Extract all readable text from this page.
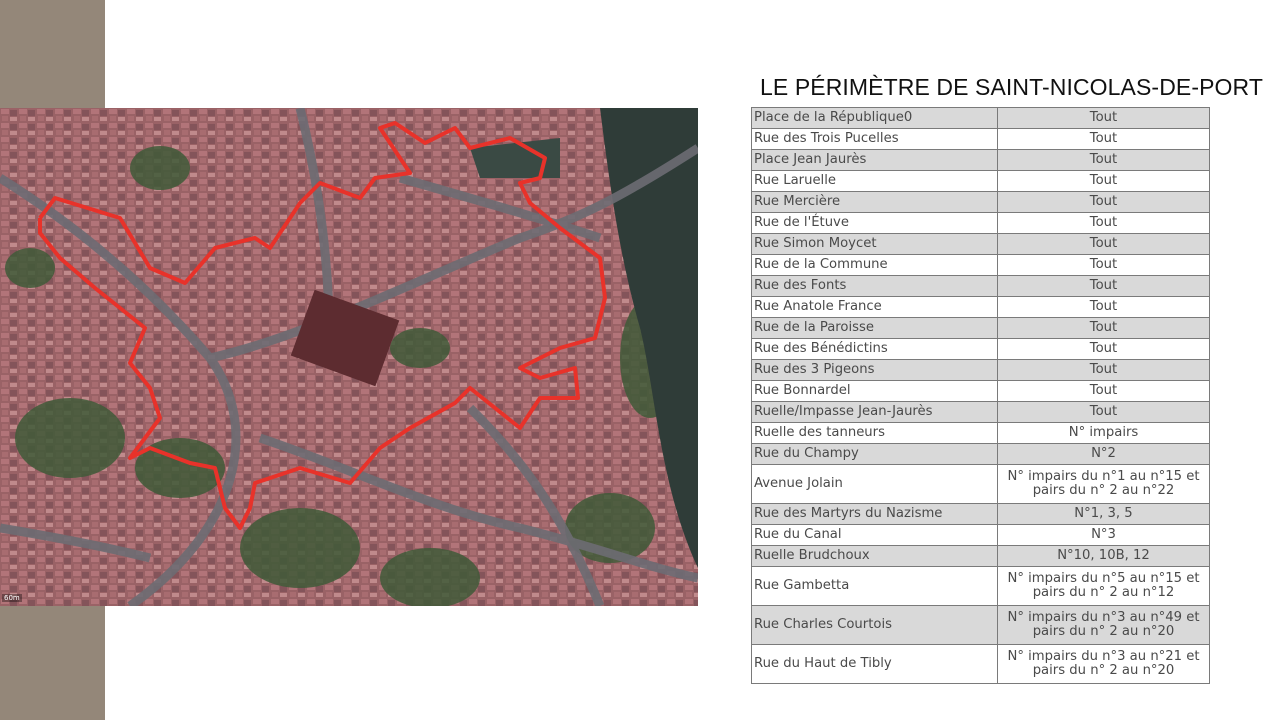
60m
LE PÉRIMÈTRE DE SAINT-NICOLAS-DE-PORT
Place de la République0	Tout
Rue des Trois Pucelles	Tout
Place Jean Jaurès	Tout
Rue Laruelle	Tout
Rue Mercière	Tout
Rue de l'Étuve	Tout
Rue Simon Moycet	Tout
Rue de la Commune	Tout
Rue des Fonts	Tout
Rue Anatole France	Tout
Rue de la Paroisse	Tout
Rue des Bénédictins	Tout
Rue des 3 Pigeons	Tout
Rue Bonnardel	Tout
Ruelle/Impasse Jean-Jaurès	Tout
Ruelle des tanneurs	N° impairs
Rue du Champy	N°2
Avenue Jolain	N° impairs du n°1 au n°15 et pairs du n° 2 au n°22
Rue des Martyrs du Nazisme	N°1, 3, 5
Rue du Canal	N°3
Ruelle Brudchoux	N°10, 10B, 12
Rue Gambetta	N° impairs du n°5 au n°15 et pairs du n° 2 au n°12
Rue Charles Courtois	N° impairs du n°3 au n°49 et pairs du n° 2 au n°20
Rue du Haut de Tibly	N° impairs du n°3 au n°21 et pairs du n° 2 au n°20
